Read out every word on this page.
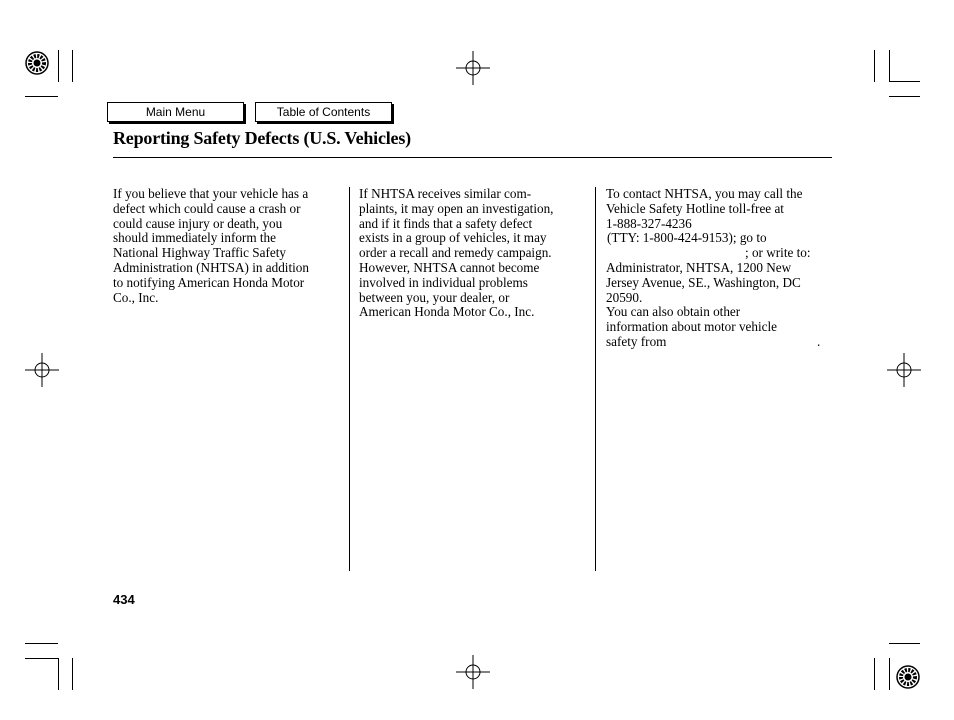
Main Menu	Table of Contents
Reporting Safety Defects (U.S. Vehicles)
If you believe that your vehicle has a
defect which could cause a crash or
could cause injury or death, you
should immediately inform the
National Highway Traffic Safety
Administration (NHTSA) in addition
to notifying American Honda Motor
Co., Inc.
If NHTSA receives similar com-
plaints, it may open an investigation,
and if it finds that a safety defect
exists in a group of vehicles, it may
order a recall and remedy campaign.
However, NHTSA cannot become
involved in individual problems
between you, your dealer, or
American Honda Motor Co., Inc.
To contact NHTSA, you may call the
Vehicle Safety Hotline toll-free at
1-888-327-4236
(TTY: 1-800-424-9153); go to
; or write to:
Administrator, NHTSA, 1200 New
Jersey Avenue, SE., Washington, DC
20590.
You can also obtain other
information about motor vehicle
safety from	.
434
